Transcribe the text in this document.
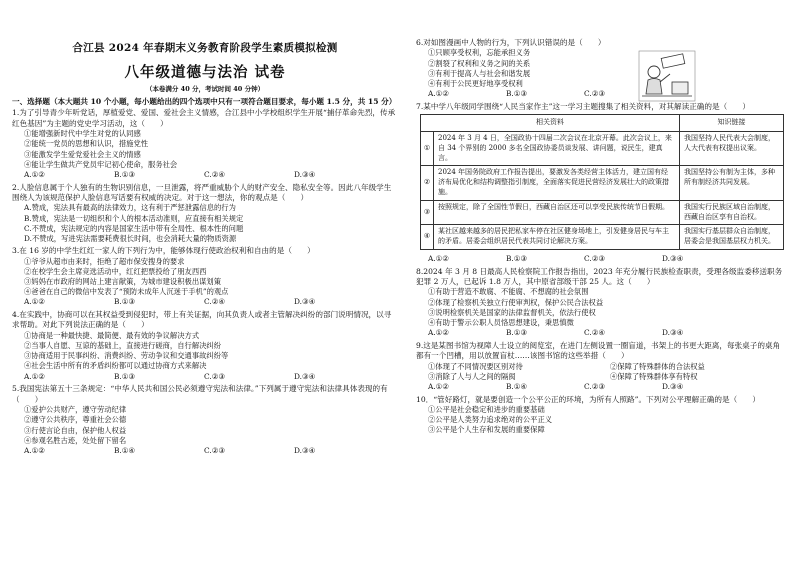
合江县 2024 年春期末义务教育阶段学生素质模拟检测
八年级道德与法治 试卷
（本卷满分 40 分，考试时间 40 分钟）
一、选择题（本大题共 10 个小题，每小题给出的四个选项中只有一项符合题目要求，每小题 1.5 分，共 15 分）
1.为了引导青少年听党话，厚植爱党、爱国、爱社会主义情感，合江县中小学校组织学生开展“捕仔革命先烈，传承红色基因”为主题的党史学习活动，这（　　）
①能增强新时代中学生对党的认同感
②能统一党员的思想和认识，措施党性
③能激发学生爱党爱社会主义的情感
④能让学生做共产党员牢记初心使命，服务社会
A.①②	B.①③	C.②④	D.③④
2.人脸信息属于个人独有的生物识别信息，一旦泄露，将严重威胁个人的财产安全、隐私安全等。因此八年级学生围绕人为该规范保护人脸信息写话要有权威的决定。对于这一想法，你的观点是（　　）
A.赞成，宪法具有最高的法律效力，这有利于严惩泄露信息的行为
B.赞成，宪法是一切组织和个人的根本活动准则，应直接有相关规定
C.不赞成，宪法规定的内容是国家生活中带有全局性、根本性的问题
D.不赞成，写进宪法需要耗费很长时间，也会消耗大量的物质资源
3.在 16 岁的中学生红红一家人的下列行为中，能够体现行使政治权利和自由的是（　　）
①爷爷从超市由来时，拒绝了超市保安搜身的要求
②在校学生会主席竞选活动中，红红把票投给了朋友西西
③妈妈在市政府的网站上建言献策，为城市建设积极出谋划策
④爸爸在自己的微信中发表了“预防未成年人沉迷于手机”的观点
A.①②	B.①③	C.②④	D.③④
4.在实践中，协商可以在其权益受到侵犯时，带上有关证据，向其负责人或者主管解决纠纷的部门说明情况，以寻求帮助。对此下列说法正确的是（　　）
①协商是一种最快捷、最简便、最有效的争议解决方式
②当事人自愿、互谅的基础上，直接进行磋商，自行解决纠纷
③协商适用于民事纠纷、消费纠纷、劳动争议和交通事故纠纷等
④社会生活中所有的矛盾纠纷都可以通过协商方式来解决
A.①②	B.①③	C.②③	D.③④
5.我国宪法第五十三条规定：“中华人民共和国公民必须遵守宪法和法律。”下列属于遵守宪法和法律具体表现的有（　　）
①爱护公共财产，遵守劳动纪律
②遵守公共秩序，尊重社会公德
③行使言论自由，保护他人权益
④参观名胜古迹，处处留下留名
A.①②	B.①④	C.②③	D.③④
6.对如图漫画中人物的行为，下列认识错误的是（　　）
①只顾享受权利，忘能承担义务
②割裂了权利和义务之间的关系
③有利于提高人与社会和谐发展
④有利于公民更好地享受权利
A.①②	B.①③	C.②③
7.某中学八年级同学围绕“人民当家作主”这一学习主题搜集了相关资料，对其解读正确的是（　　）
相关资料		知识链接
①	2024 年 3 月 4 日，全国政协十四届二次会议在北京开幕。此次会议上，来自 34 个界别的 2000 多名全国政协委员谈发展、讲问题，说民生，建真言。	我国坚持人民代表大会制度，人大代表有权提出议案。
②	2024 年国务院政府工作报告提出，要激发各类经营主体活力，建立国有经济布局优化和结构调整指引制度，全面落实促进民营经济发展壮大的政策措施。	我国坚持公有制为主体，多种所有制经济共同发展。
③	按照规定，除了全国性节假日，西藏自治区还可以享受民族传统节日假期。	我国实行民族区域自治制度，西藏自治区享有自治权。
④	某社区越来越多的居民把私家车停在社区健身场地上，引发健身居民与车主的矛盾。居委会组织居民代表共同讨论解决方案。	我国实行基层群众自治制度，居委会是我国基层权力机关。
A.①②	B.①③	C.②③	D.③④
8.2024 年 3 月 8 日最高人民检察院工作报告指出，2023 年充分履行民族检查职责，受理各级监委移送职务犯罪 2 万人，已起诉 1.8 万人，其中原省部级干部 25 人。这（　　）
①有助于营造不敢腐、不能腐、不想腐的社会氛围
②体现了检察机关独立行使审判权，保护公民合法权益
③说明检察机关是国家的法律监督机关，依法行使权
④有助于警示公职人员恪思想建设，秉思慎微
A.①②	B.①③	C.②④	D.③④
9.这是某图书馆为视障人士设立的阅览室，在进门左侧设置一圈盲道，书架上的书更大距离，每张桌子的桌角都有一个凹槽，用以放置盲杖……该图书馆的这些举措（　　）
①体现了不同情况要区别对待	②保障了特殊群体的合法权益
③消除了人与人之间的隔阂	④保障了特殊群体享有特权
A.①②	B.①④	C.②③	D.③④
10．“管好路灯，就是要创造一个公平公正的环境，为所有人照路”。下列对公平理解正确的是（　　）
①公平是社会稳定和进步的重要基础
②公平是人类努力追求绝对的公平正义
③公平是个人生存和发展的重要保障
